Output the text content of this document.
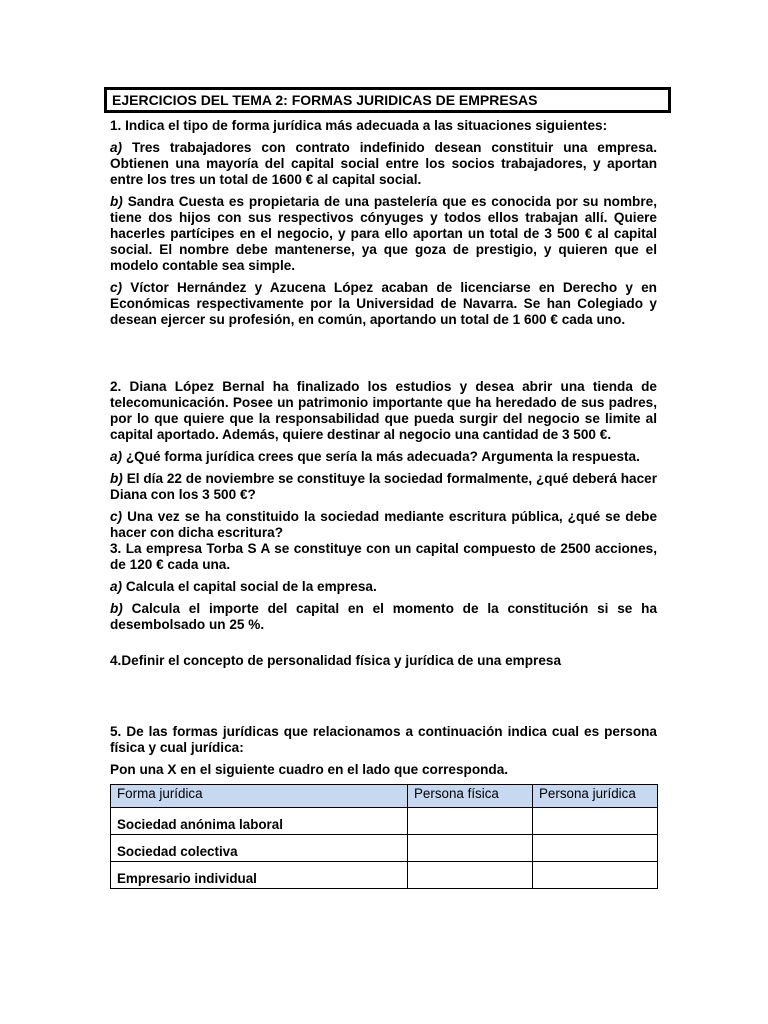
EJERCICIOS DEL TEMA 2: FORMAS JURIDICAS DE EMPRESAS

1. Indica el tipo de forma jurídica más adecuada a las situaciones siguientes:

a) Tres trabajadores con contrato indefinido desean constituir una empresa. Obtienen una mayoría del capital social entre los socios trabajadores, y aportan entre los tres un total de 1600 € al capital social.

b) Sandra Cuesta es propietaria de una pastelería que es conocida por su nombre, tiene dos hijos con sus respectivos cónyuges y todos ellos trabajan allí. Quiere hacerles partícipes en el negocio, y para ello aportan un total de 3 500 € al capital social. El nombre debe mantenerse, ya que goza de prestigio, y quieren que el modelo contable sea simple.

c) Víctor Hernández y Azucena López acaban de licenciarse en Derecho y en Económicas respectivamente por la Universidad de Navarra. Se han Colegiado y desean ejercer su profesión, en común, aportando un total de 1 600 € cada uno.

2. Diana López Bernal ha finalizado los estudios y desea abrir una tienda de telecomunicación. Posee un patrimonio importante que ha heredado de sus padres, por lo que quiere que la responsabilidad que pueda surgir del negocio se limite al capital aportado. Además, quiere destinar al negocio una cantidad de 3 500 €.

a) ¿Qué forma jurídica crees que sería la más adecuada? Argumenta la respuesta.

b) El día 22 de noviembre se constituye la sociedad formalmente, ¿qué deberá hacer Diana con los 3 500 €?

c) Una vez se ha constituido la sociedad mediante escritura pública, ¿qué se debe hacer con dicha escritura?

3. La empresa Torba S A se constituye con un capital compuesto de 2500 acciones, de 120 € cada una.

a) Calcula el capital social de la empresa.

b) Calcula el importe del capital en el momento de la constitución si se ha desembolsado un 25 %.

4.Definir el concepto de personalidad física y jurídica de una empresa

5. De las formas jurídicas que relacionamos a continuación indica cual es persona física y cual jurídica:

Pon una X en el siguiente cuadro en el lado que corresponda.

Forma jurídica	Persona física	Persona jurídica
Sociedad anónima laboral		
Sociedad colectiva		
Empresario individual		
